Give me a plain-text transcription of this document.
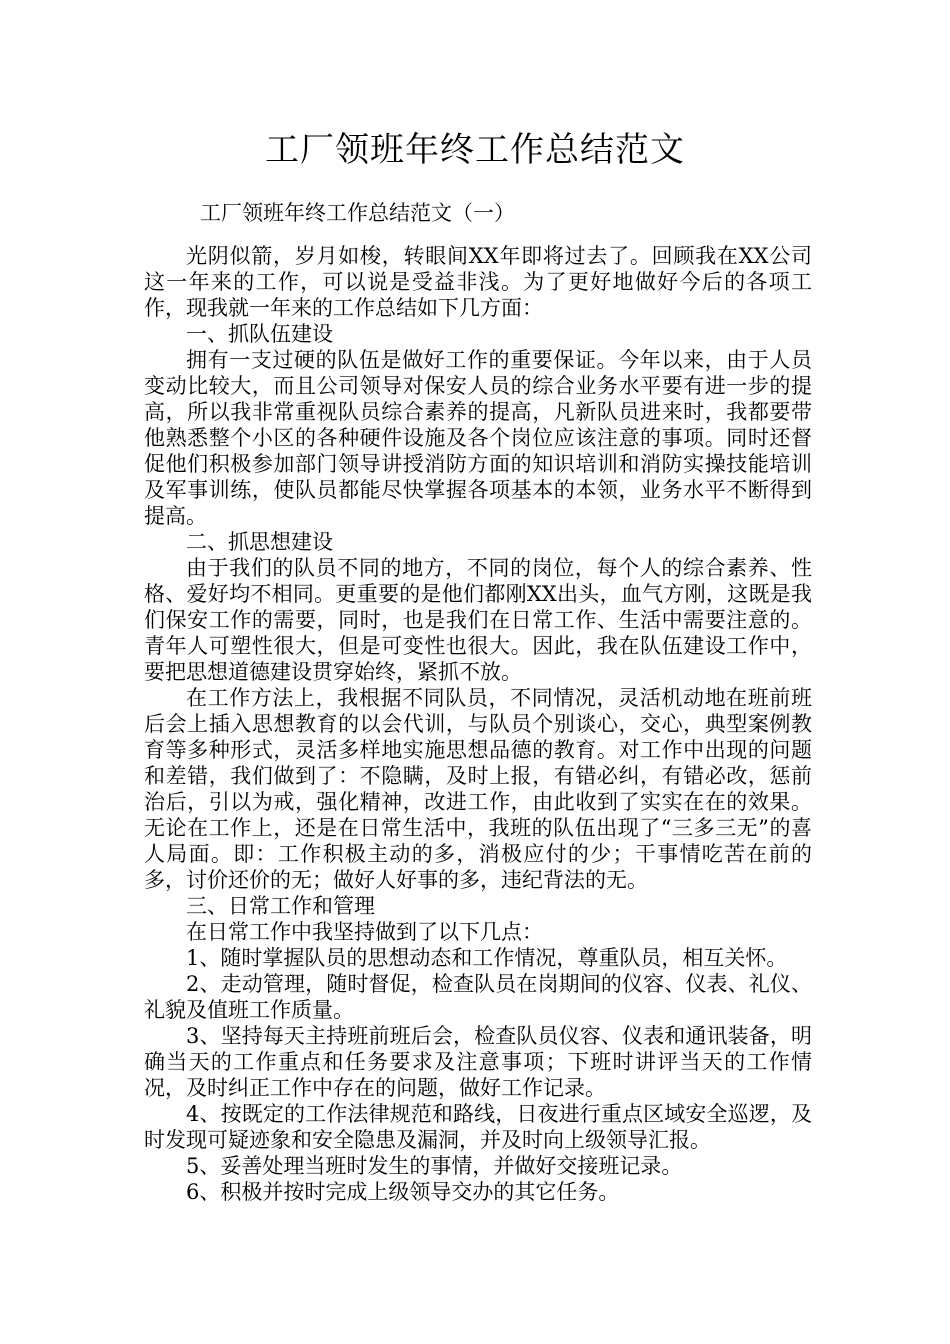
工厂领班年终工作总结范文
工厂领班年终工作总结范文（一）

光阴似箭，岁月如梭，转眼间XX年即将过去了。回顾我在XX公司这一年来的工作，可以说是受益非浅。为了更好地做好今后的各项工作，现我就一年来的工作总结如下几方面：

一、抓队伍建设

拥有一支过硬的队伍是做好工作的重要保证。今年以来，由于人员变动比较大，而且公司领导对保安人员的综合业务水平要有进一步的提高，所以我非常重视队员综合素养的提高，凡新队员进来时，我都要带他熟悉整个小区的各种硬件设施及各个岗位应该注意的事项。同时还督促他们积极参加部门领导讲授消防方面的知识培训和消防实操技能培训及军事训练，使队员都能尽快掌握各项基本的本领，业务水平不断得到提高。

二、抓思想建设

由于我们的队员不同的地方，不同的岗位，每个人的综合素养、性格、爱好均不相同。更重要的是他们都刚XX出头，血气方刚，这既是我们保安工作的需要，同时，也是我们在日常工作、生活中需要注意的。青年人可塑性很大，但是可变性也很大。因此，我在队伍建设工作中，要把思想道德建设贯穿始终，紧抓不放。

在工作方法上，我根据不同队员，不同情况，灵活机动地在班前班后会上插入思想教育的以会代训，与队员个别谈心，交心，典型案例教育等多种形式，灵活多样地实施思想品德的教育。对工作中出现的问题和差错，我们做到了：不隐瞒，及时上报，有错必纠，有错必改，惩前治后，引以为戒，强化精神，改进工作，由此收到了实实在在的效果。无论在工作上，还是在日常生活中，我班的队伍出现了“三多三无”的喜人局面。即：工作积极主动的多，消极应付的少；干事情吃苦在前的多，讨价还价的无；做好人好事的多，违纪背法的无。

三、日常工作和管理

在日常工作中我坚持做到了以下几点：

1、随时掌握队员的思想动态和工作情况，尊重队员，相互关怀。

2、走动管理，随时督促，检查队员在岗期间的仪容、仪表、礼仪、礼貌及值班工作质量。

3、坚持每天主持班前班后会，检查队员仪容、仪表和通讯装备，明确当天的工作重点和任务要求及注意事项；下班时讲评当天的工作情况，及时纠正工作中存在的问题，做好工作记录。

4、按既定的工作法律规范和路线，日夜进行重点区域安全巡逻，及时发现可疑迹象和安全隐患及漏洞，并及时向上级领导汇报。

5、妥善处理当班时发生的事情，并做好交接班记录。

6、积极并按时完成上级领导交办的其它任务。
